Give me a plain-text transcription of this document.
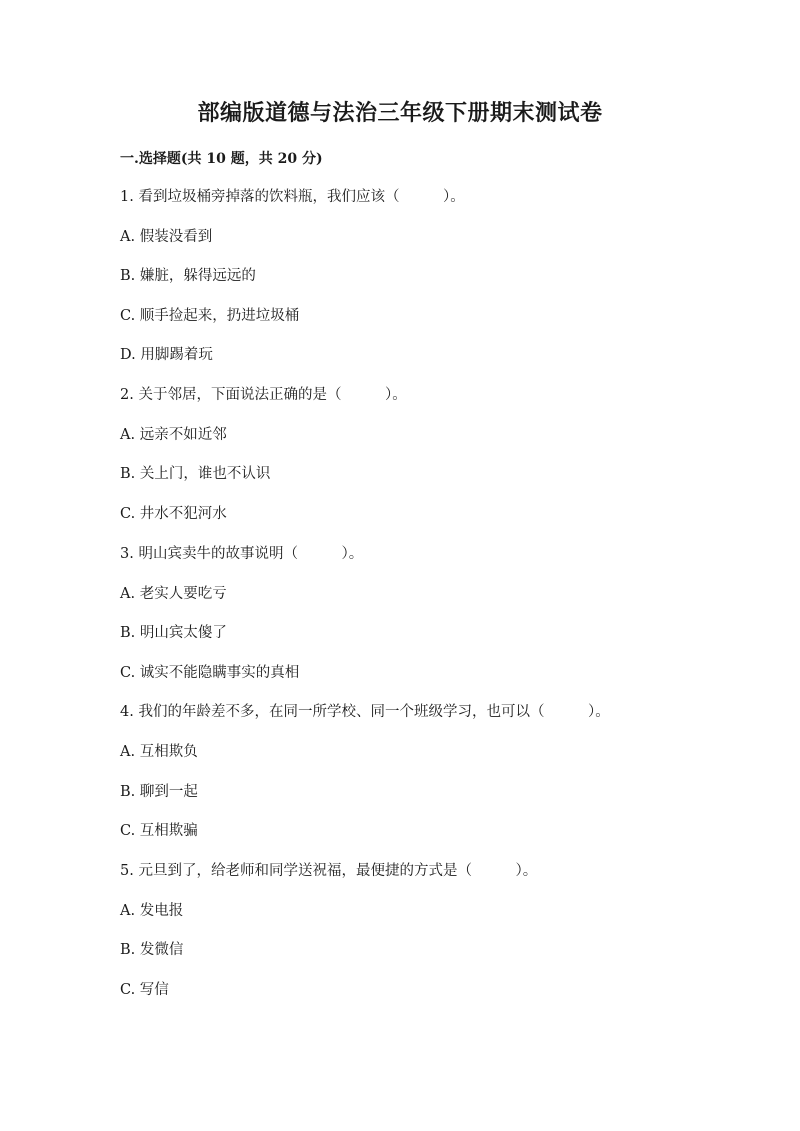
部编版道德与法治三年级下册期末测试卷
一.选择题(共 10 题，共 20 分)
1. 看到垃圾桶旁掉落的饮料瓶，我们应该（　　　）。
A. 假装没看到
B. 嫌脏，躲得远远的
C. 顺手捡起来，扔进垃圾桶
D. 用脚踢着玩
2. 关于邻居，下面说法正确的是（　　　）。
A. 远亲不如近邻
B. 关上门，谁也不认识
C. 井水不犯河水
3. 明山宾卖牛的故事说明（　　　）。
A. 老实人要吃亏
B. 明山宾太傻了
C. 诚实不能隐瞒事实的真相
4. 我们的年龄差不多，在同一所学校、同一个班级学习，也可以（　　　）。
A. 互相欺负
B. 聊到一起
C. 互相欺骗
5. 元旦到了，给老师和同学送祝福，最便捷的方式是（　　　）。
A. 发电报
B. 发微信
C. 写信
